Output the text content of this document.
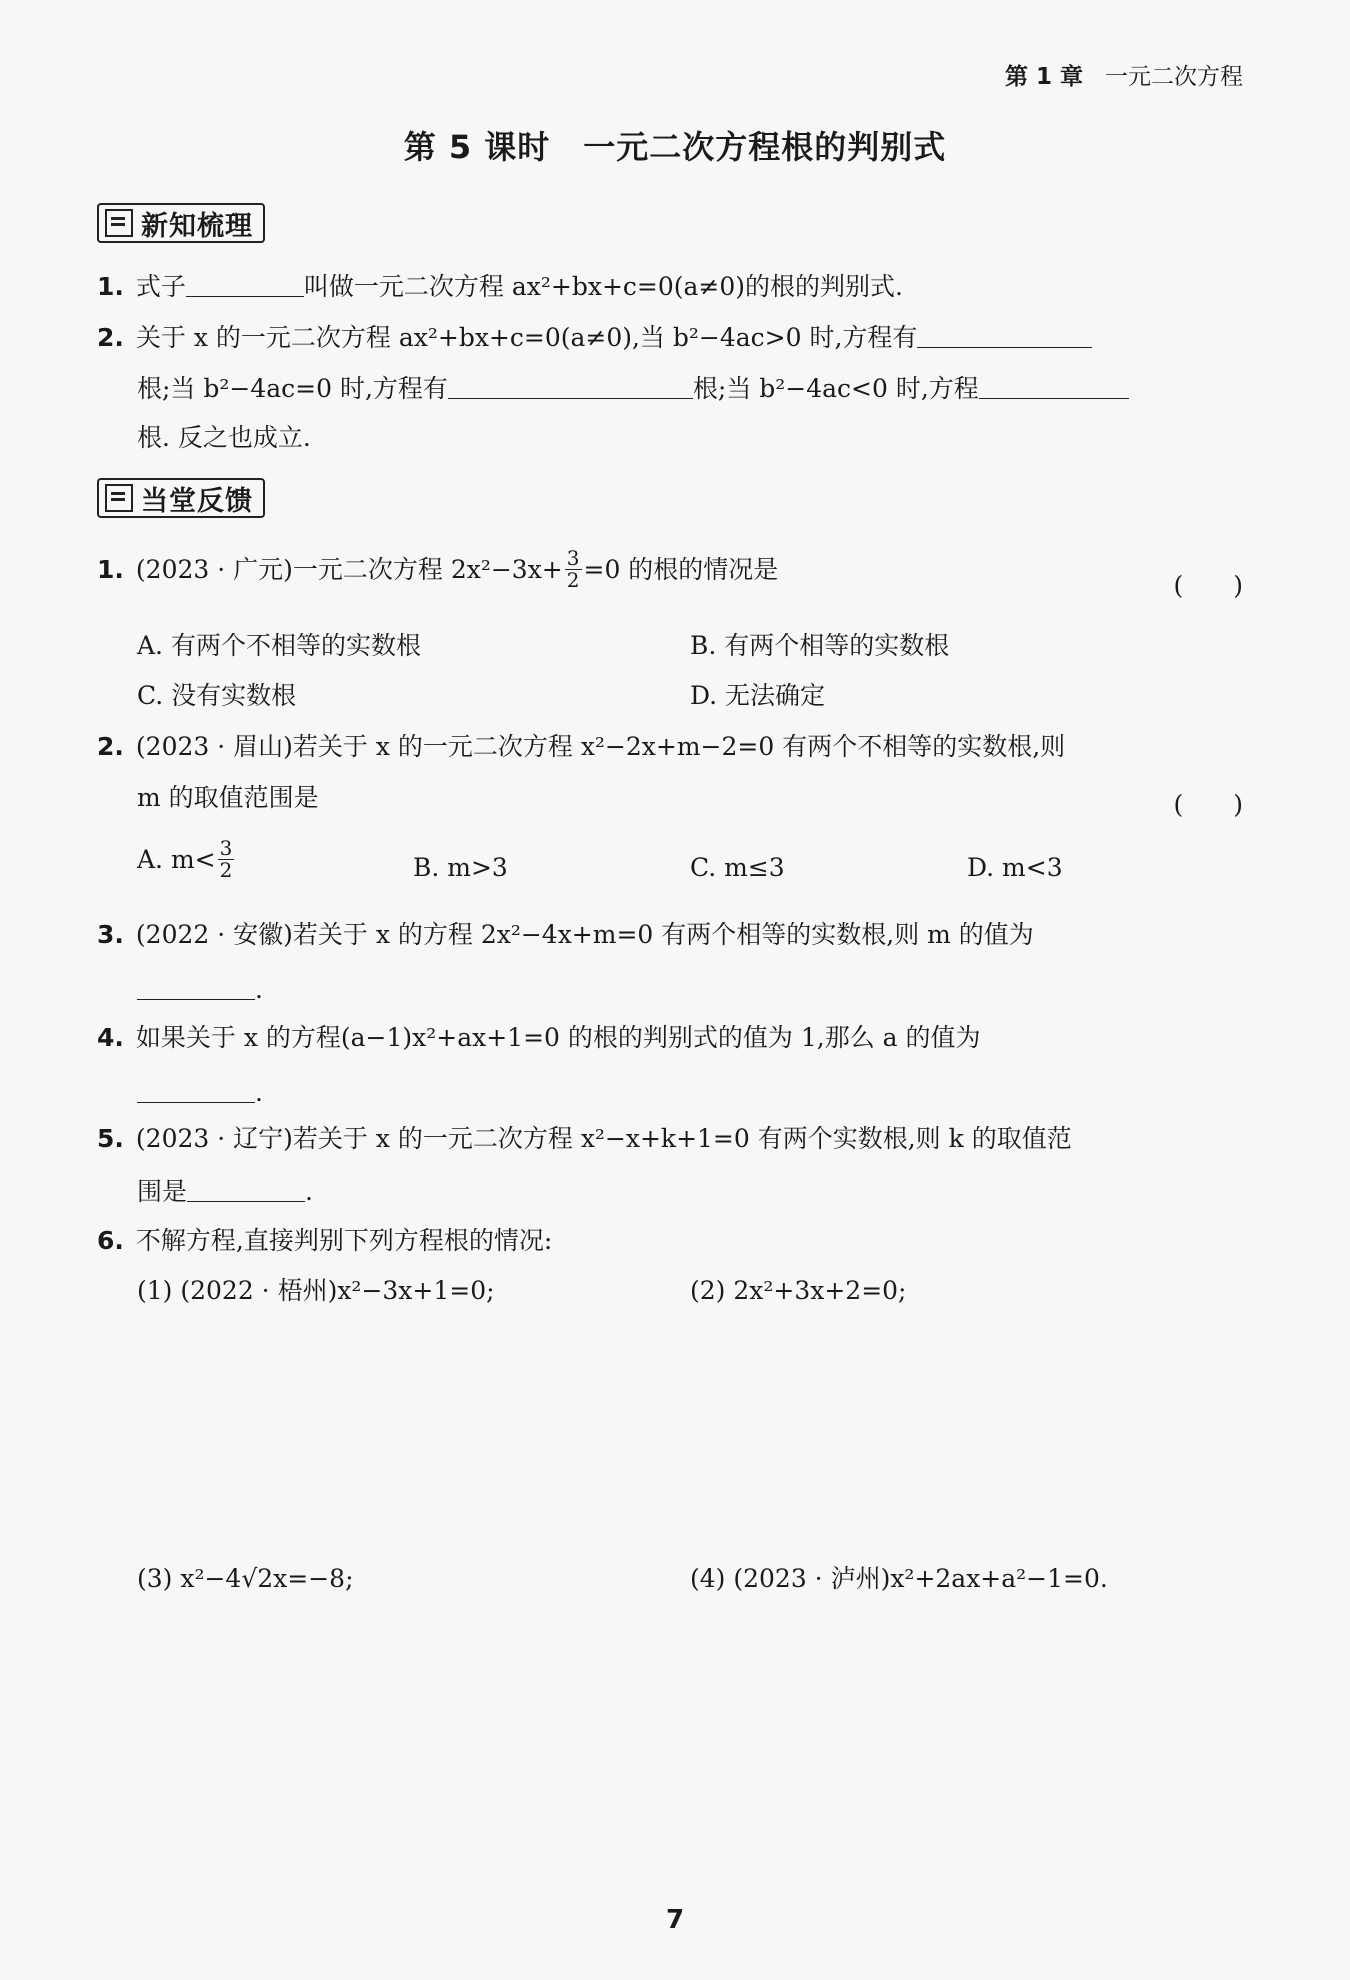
第 1 章 一元二次方程
第 5 课时　一元二次方程根的判别式
新知梳理
1. 式子	叫做一元二次方程 ax²+bx+c=0(a≠0)的根的判别式.
2. 关于 x 的一元二次方程 ax²+bx+c=0(a≠0),当 b²−4ac>0 时,方程有
根;当 b²−4ac=0 时,方程有	根;当 b²−4ac<0 时,方程
根. 反之也成立.
当堂反馈
1. (2023 · 广元)一元二次方程 $2x^2-3x+ \frac{3}{2} =0$ 的根的情况是
(　　)
A. 有两个不相等的实数根	B. 有两个相等的实数根
C. 没有实数根	D. 无法确定
2. (2023 · 眉山)若关于 x 的一元二次方程 x²−2x+m−2=0 有两个不相等的实数根,则
m 的取值范围是	(　　)
A. $m< \frac{3}{2}$	B. m>3	C. m≤3	D. m<3
3. (2022 · 安徽)若关于 x 的方程 2x²−4x+m=0 有两个相等的实数根,则 m 的值为
.
4. 如果关于 x 的方程(a−1)x²+ax+1=0 的根的判别式的值为 1,那么 a 的值为
.
5. (2023 · 辽宁)若关于 x 的一元二次方程 x²−x+k+1=0 有两个实数根,则 k 的取值范
围是	.
6. 不解方程,直接判别下列方程根的情况:
(1) (2022 · 梧州)x²−3x+1=0;	(2) 2x²+3x+2=0;
(3) x²−4√2x=−8;	(4) (2023 · 泸州)x²+2ax+a²−1=0.
7
